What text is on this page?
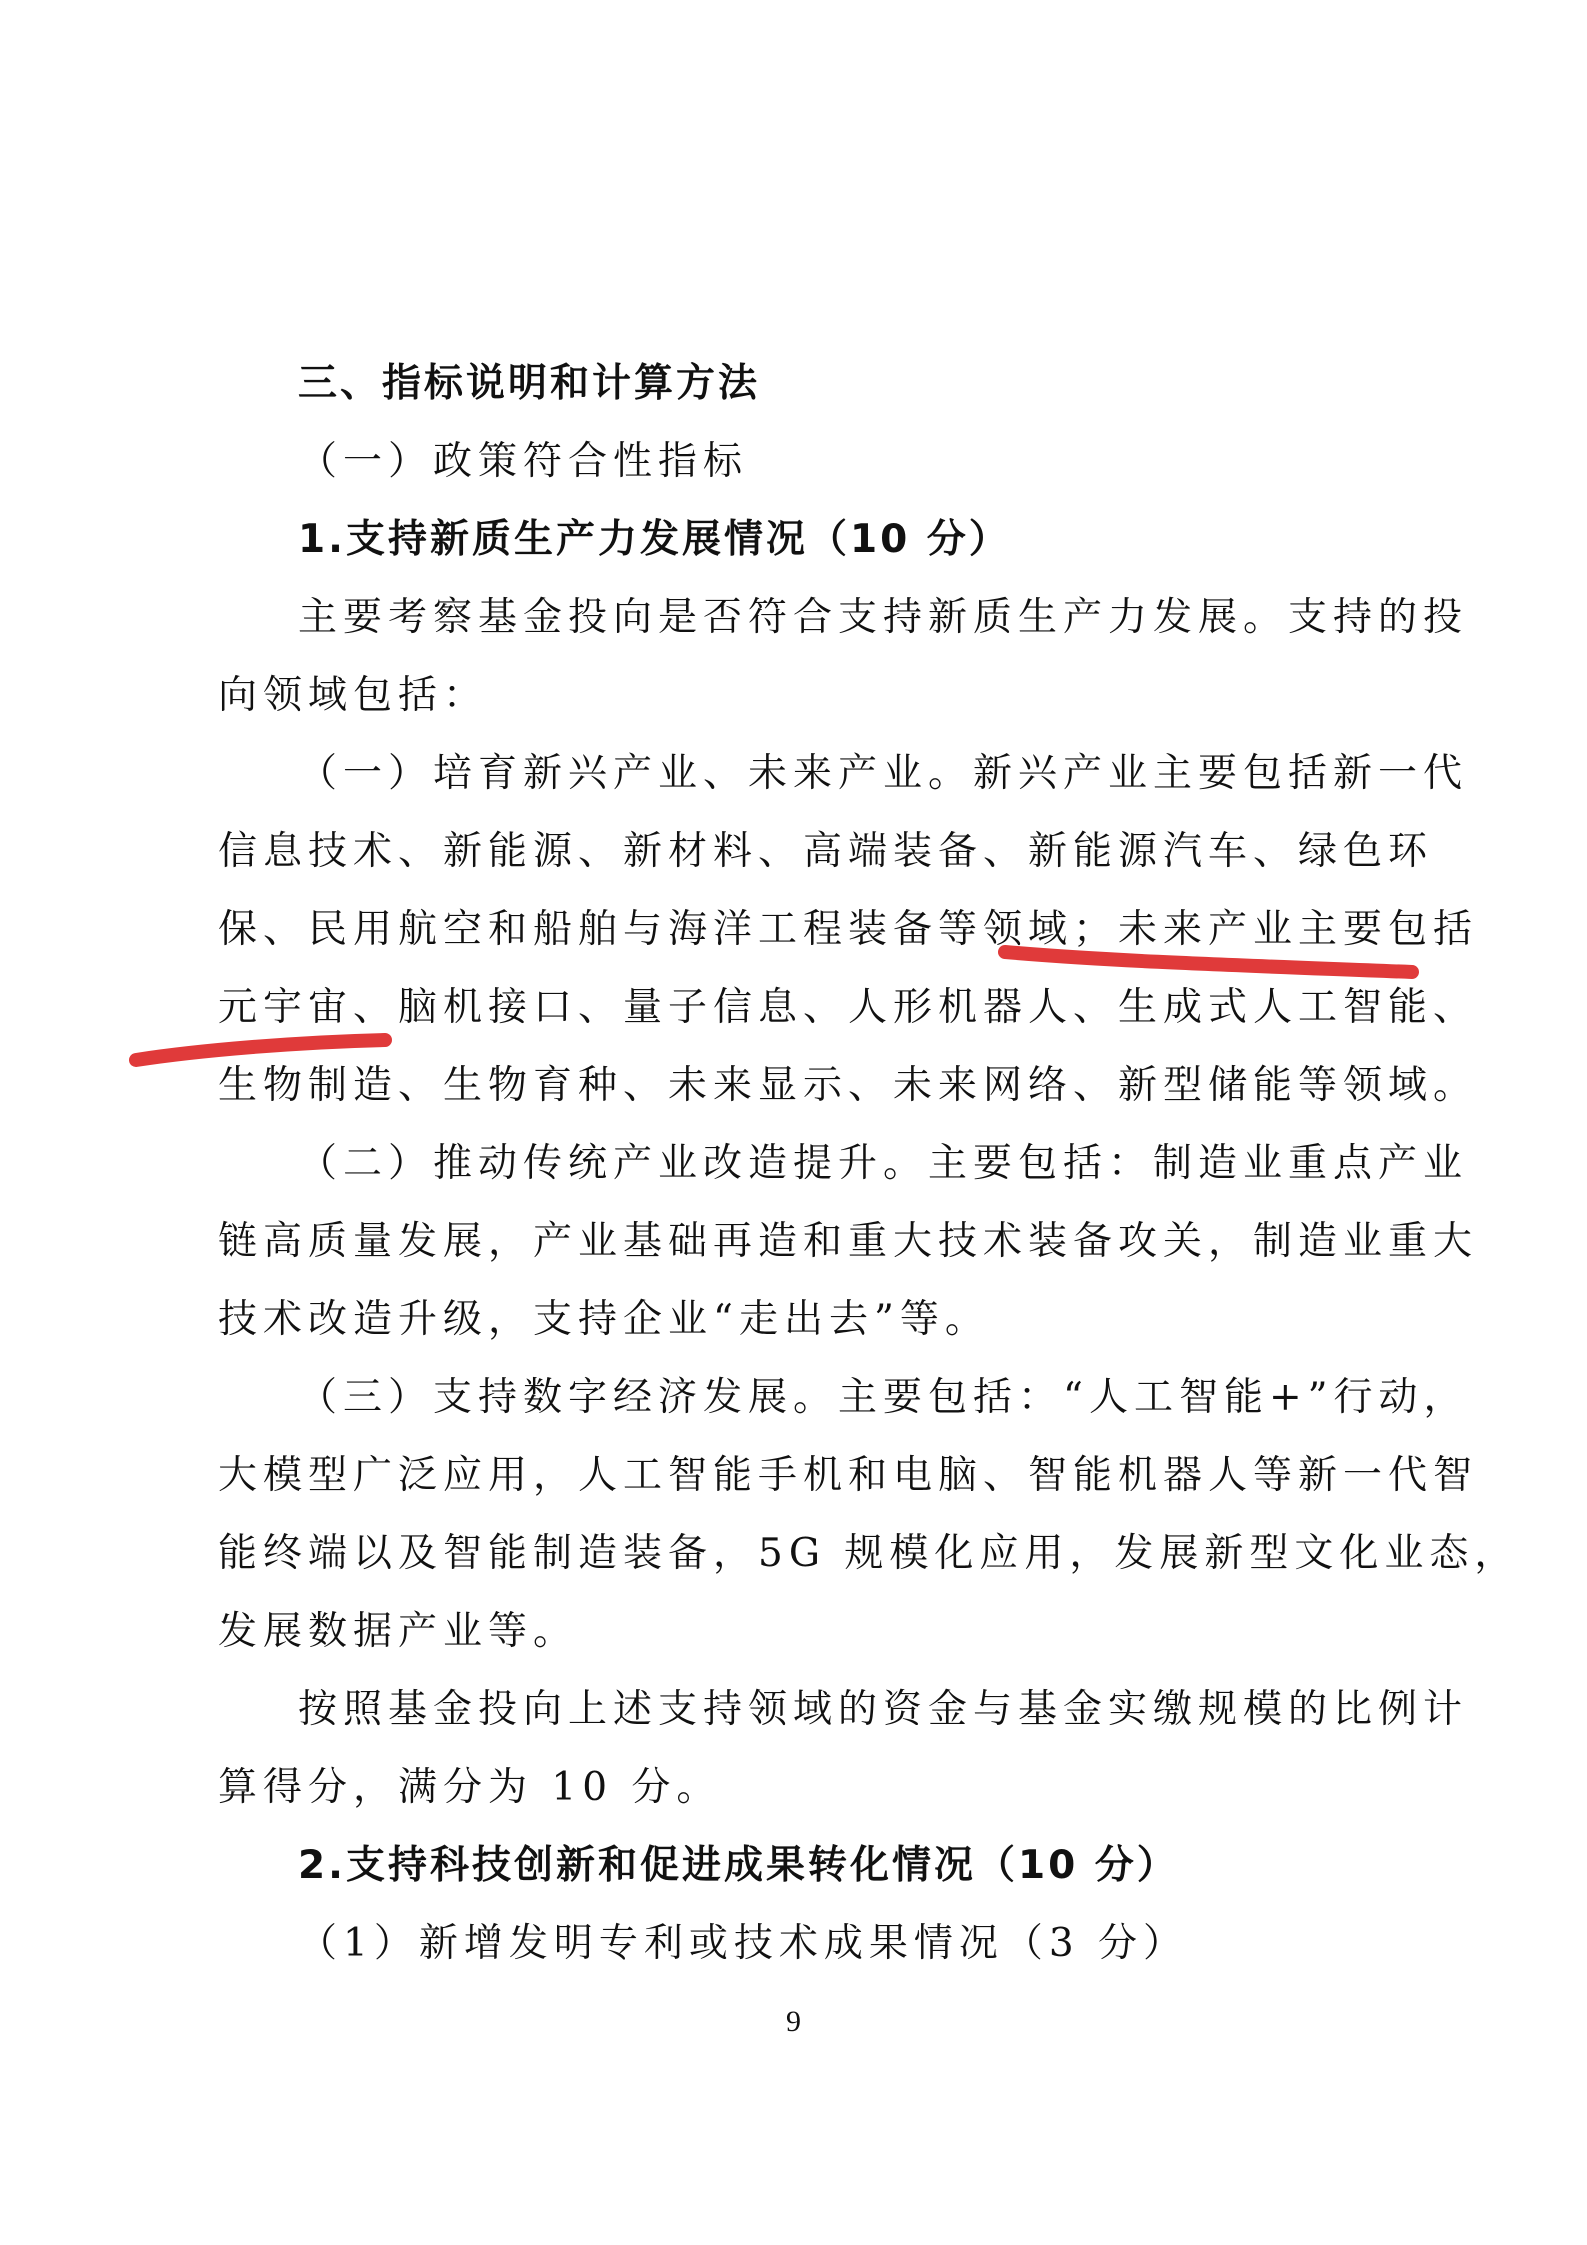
三、指标说明和计算方法

（一）政策符合性指标

1.支持新质生产力发展情况（10 分）

主要考察基金投向是否符合支持新质生产力发展。支持的投

向领域包括：

（一）培育新兴产业、未来产业。新兴产业主要包括新一代

信息技术、新能源、新材料、高端装备、新能源汽车、绿色环

保、民用航空和船舶与海洋工程装备等领域；未来产业主要包括

元宇宙、脑机接口、量子信息、人形机器人、生成式人工智能、

生物制造、生物育种、未来显示、未来网络、新型储能等领域。

（二）推动传统产业改造提升。主要包括：制造业重点产业

链高质量发展，产业基础再造和重大技术装备攻关，制造业重大

技术改造升级，支持企业“走出去”等。

（三）支持数字经济发展。主要包括：“人工智能+”行动，

大模型广泛应用，人工智能手机和电脑、智能机器人等新一代智

能终端以及智能制造装备，5G 规模化应用，发展新型文化业态，

发展数据产业等。

按照基金投向上述支持领域的资金与基金实缴规模的比例计

算得分，满分为 10 分。

2.支持科技创新和促进成果转化情况（10 分）

（1）新增发明专利或技术成果情况（3 分）

9
